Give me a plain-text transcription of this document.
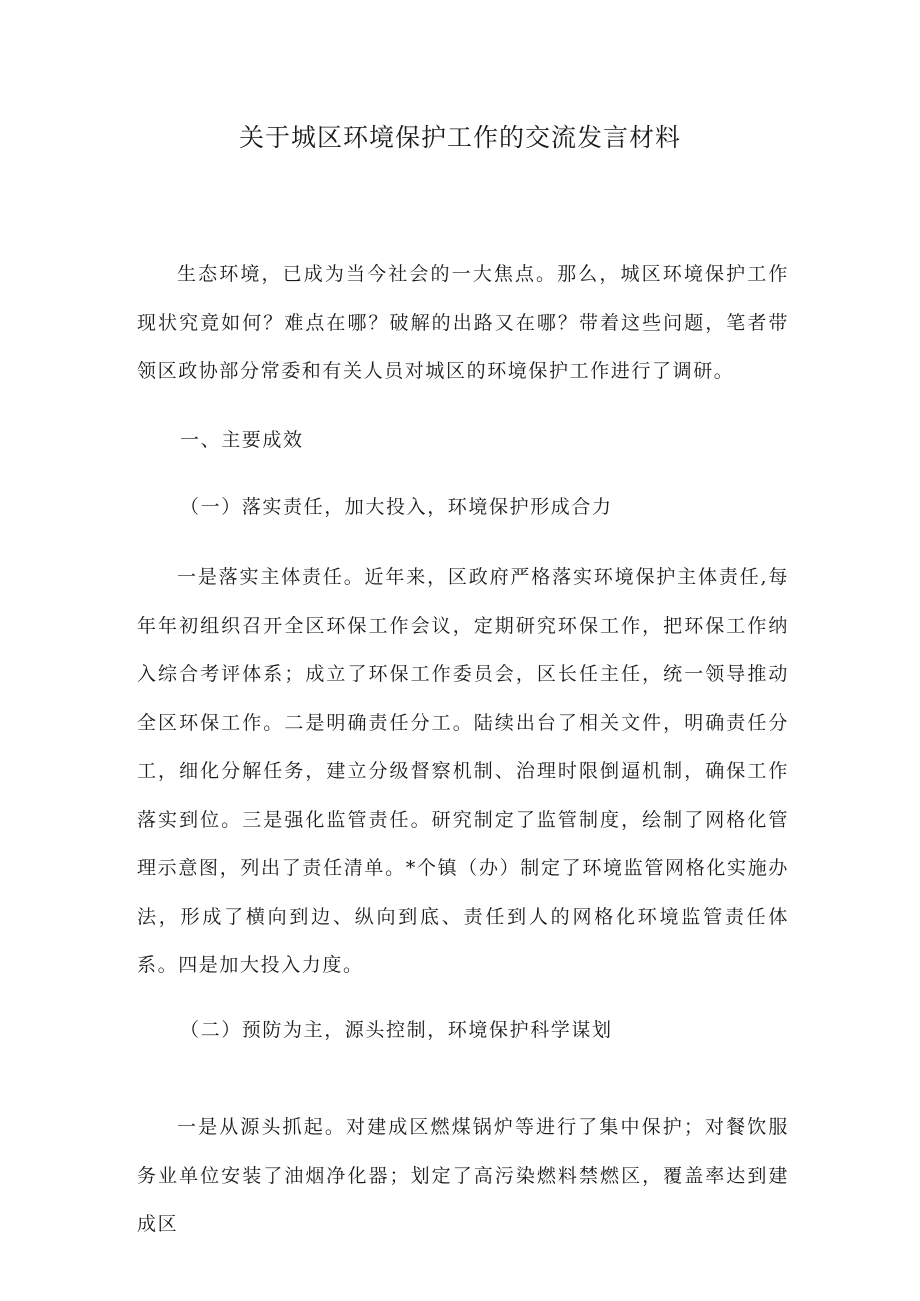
关于城区环境保护工作的交流发言材料

生态环境，已成为当今社会的一大焦点。那么，城区环境保护工作现状究竟如何？难点在哪？破解的出路又在哪？带着这些问题，笔者带领区政协部分常委和有关人员对城区的环境保护工作进行了调研。

一、主要成效
（一）落实责任，加大投入，环境保护形成合力

一是落实主体责任。近年来，区政府严格落实环境保护主体责任,每年年初组织召开全区环保工作会议，定期研究环保工作，把环保工作纳入综合考评体系；成立了环保工作委员会，区长任主任，统一领导推动全区环保工作。二是明确责任分工。陆续出台了相关文件，明确责任分工，细化分解任务，建立分级督察机制、治理时限倒逼机制，确保工作落实到位。三是强化监管责任。研究制定了监管制度，绘制了网格化管理示意图，列出了责任清单。*个镇（办）制定了环境监管网格化实施办法，形成了横向到边、纵向到底、责任到人的网格化环境监管责任体系。四是加大投入力度。

（二）预防为主，源头控制，环境保护科学谋划

一是从源头抓起。对建成区燃煤锅炉等进行了集中保护；对餐饮服务业单位安装了油烟净化器；划定了高污染燃料禁燃区，覆盖率达到建成区
